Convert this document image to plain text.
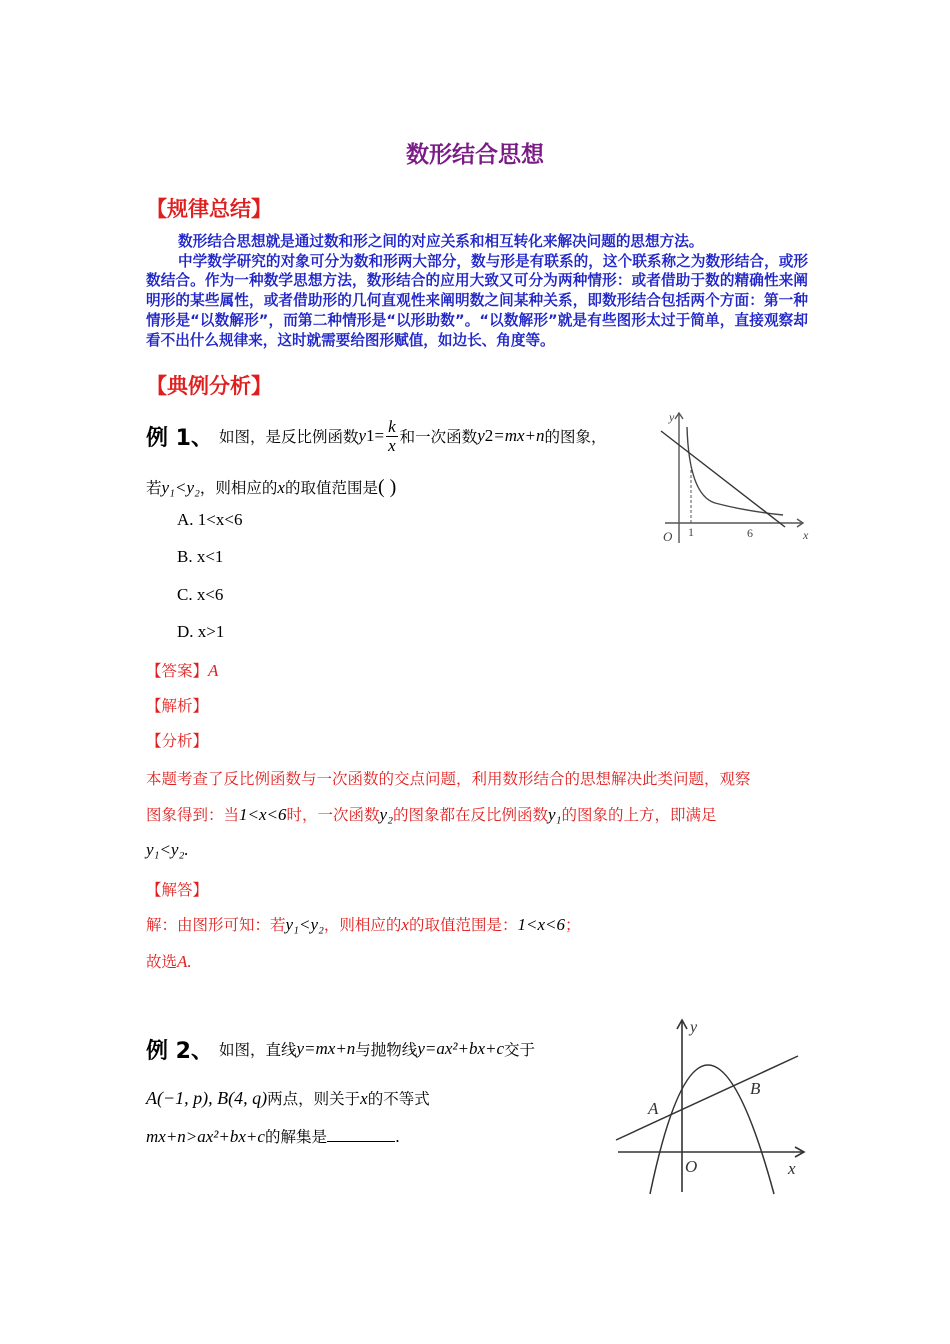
数形结合思想
【规律总结】

数形结合思想就是通过数和形之间的对应关系和相互转化来解决问题的思想方法。

中学数学研究的对象可分为数和形两大部分，数与形是有联系的，这个联系称之为数形结合，或形数结合。作为一种数学思想方法，数形结合的应用大致又可分为两种情形：或者借助于数的精确性来阐明形的某些属性，或者借助形的几何直观性来阐明数之间某种关系，即数形结合包括两个方面：第一种情形是“以数解形”，而第二种情形是“以形助数”。“以数解形”就是有些图形太过于简单，直接观察却看不出什么规律来，这时就需要给图形赋值，如边长、角度等。

【典例分析】
例 1、 如图，是反比例函数 y $1 = \frac{k}{x}$ 和一次函数 y 2 =mx+n 的图象，
若y₁<y₂，则相应的x的取值范围是( )
A. 1<x<6
B. x<1
C. x<6
D. x>1
【答案】A
【解析】
【分析】
本题考查了反比例函数与一次函数的交点问题，利用数形结合的思想解决此类问题，观察
图象得到：当1<x<6时，一次函数y₂的图象都在反比例函数y₁的图象的上方，即满足
y₁<y₂.
【解答】
解：由图形可知：若y₁<y₂，则相应的x的取值范围是：1<x<6；
故选A.
y
x
O 1	6
例 2、 如图，直线 y=mx+n 与抛物线 y=ax²+bx+c 交于
A(−1, p), B(4, q)两点，则关于x的不等式
mx+n>ax²+bx+c的解集是	.
y
x
O
A
B
